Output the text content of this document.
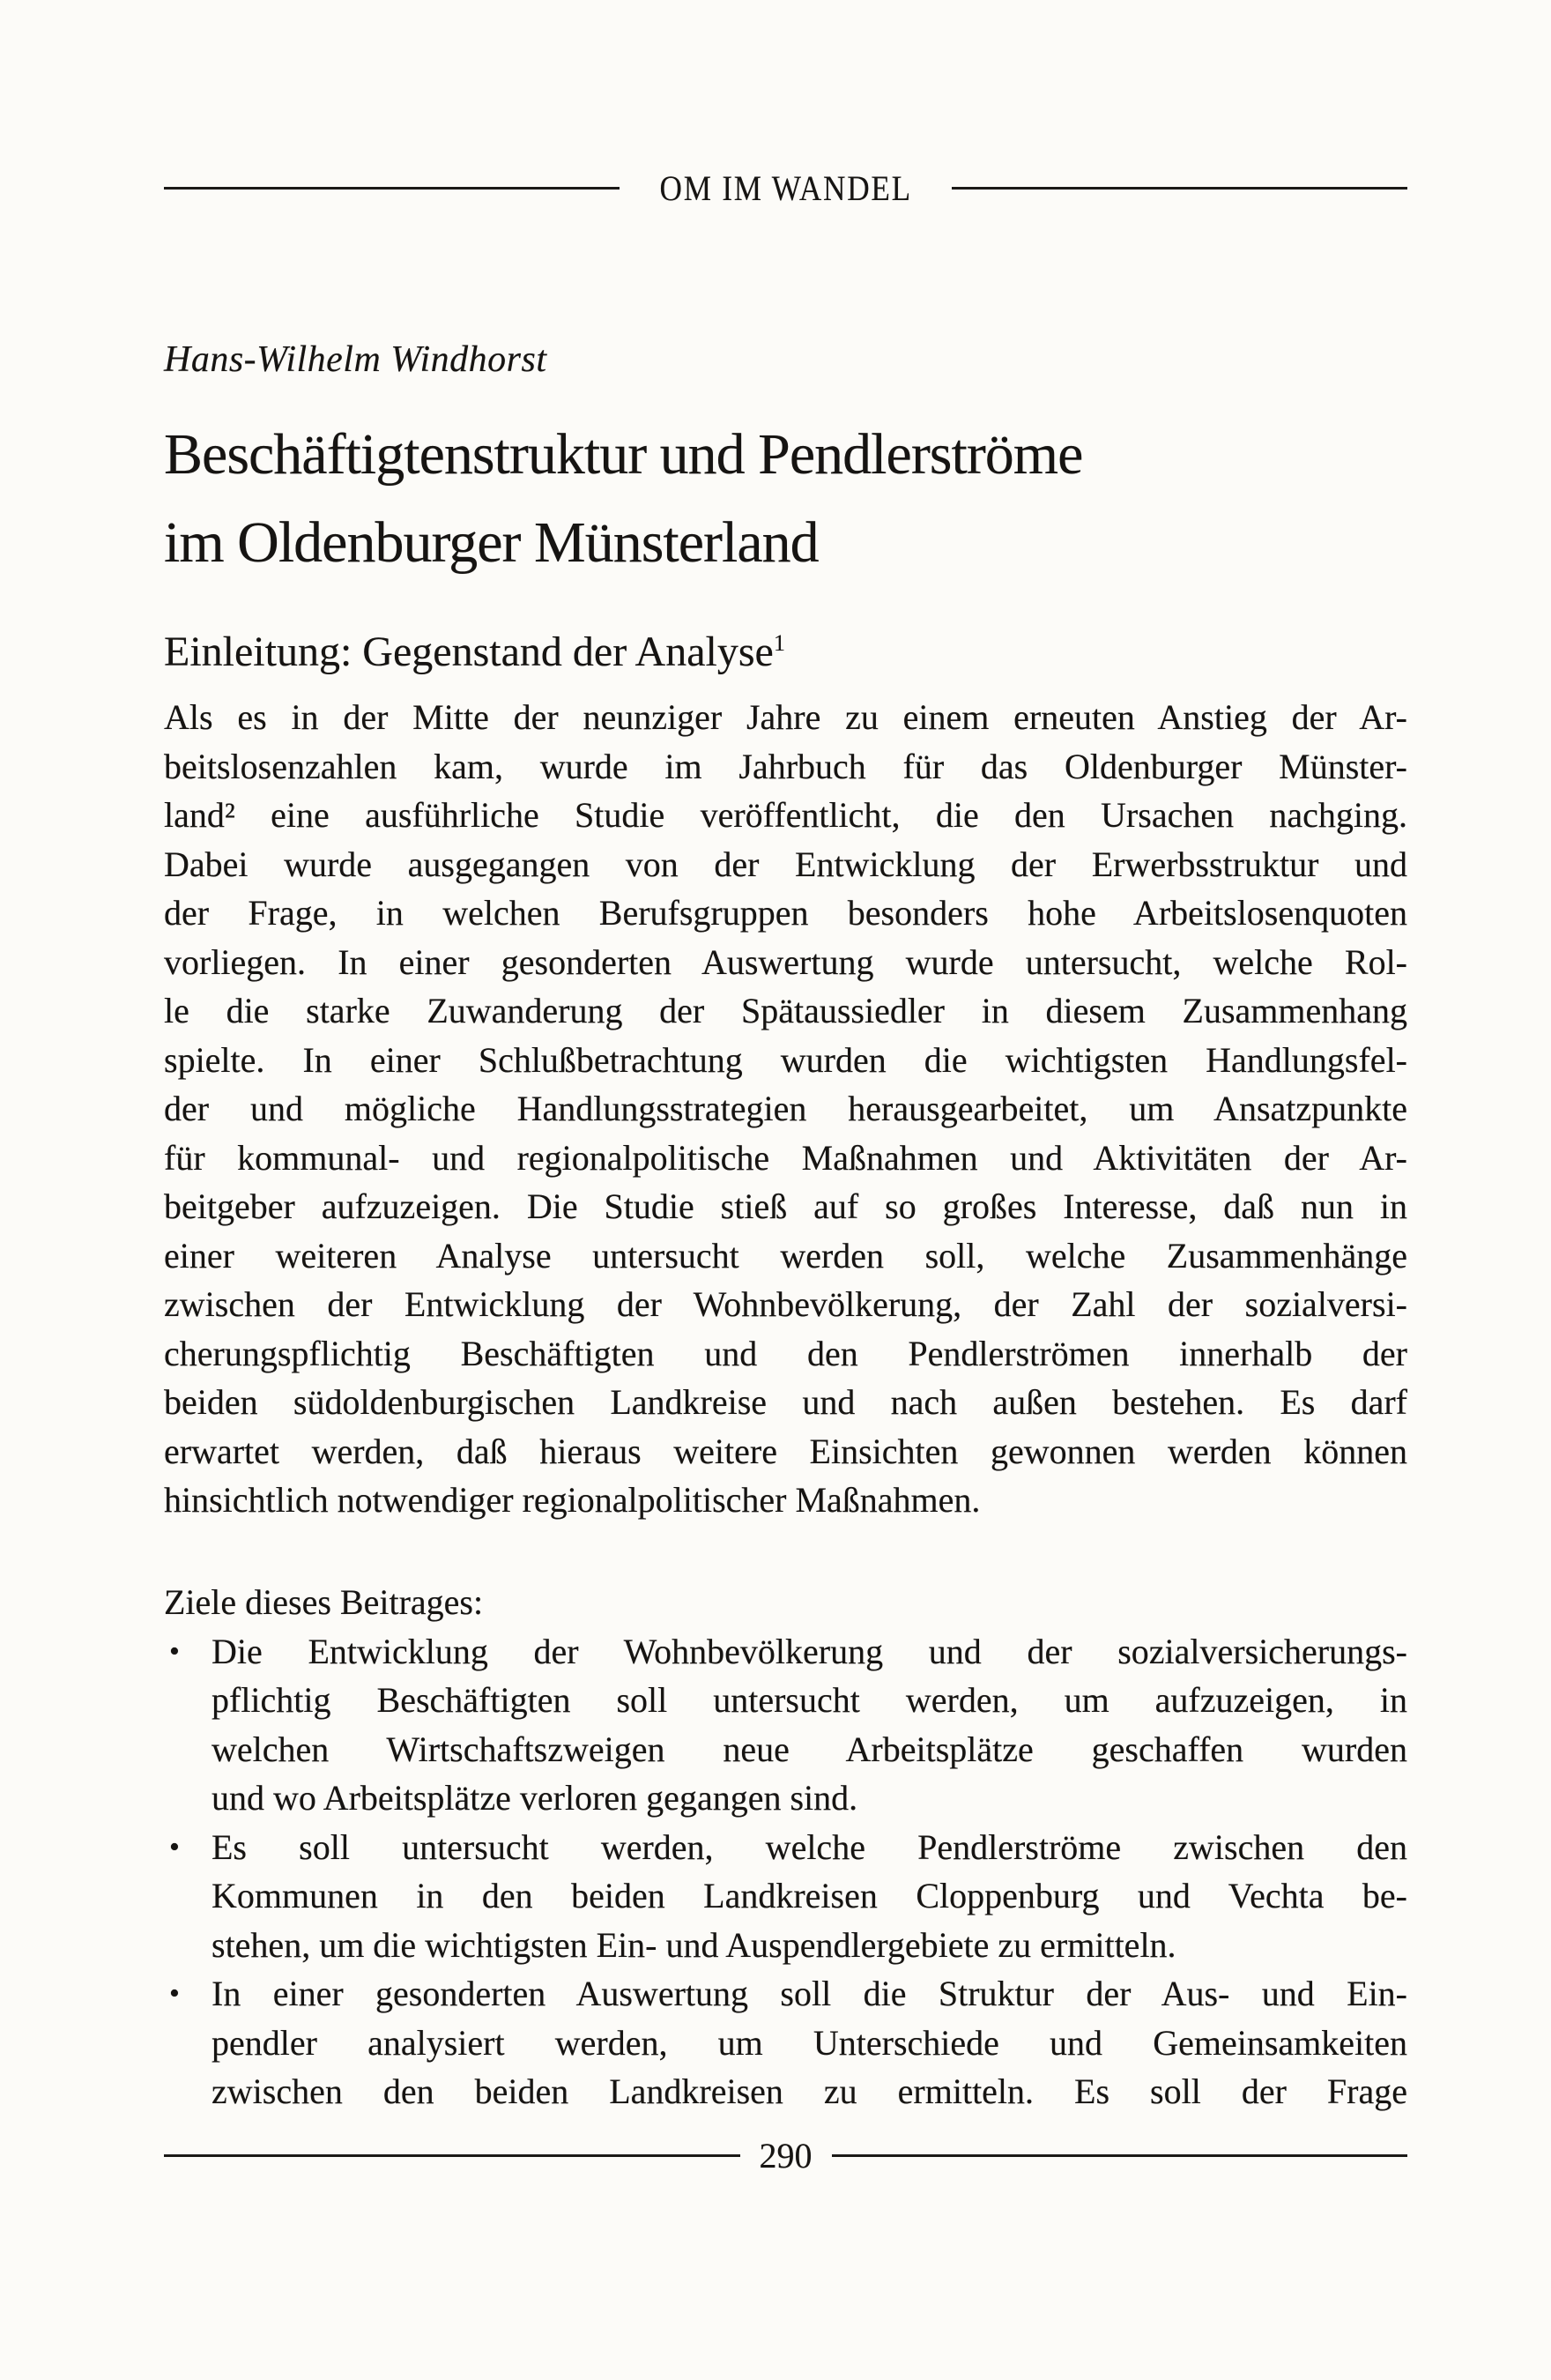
OM IM WANDEL
Hans-Wilhelm Windhorst
Beschäftigtenstruktur und Pendlerströme
im Oldenburger Münsterland
Einleitung: Gegenstand der Analyse$^1$
Als es in der Mitte der neunziger Jahre zu einem erneuten Anstieg der Ar-
beitslosenzahlen kam, wurde im Jahrbuch für das Oldenburger Münster-
land² eine ausführliche Studie veröffentlicht, die den Ursachen nachging.
Dabei wurde ausgegangen von der Entwicklung der Erwerbsstruktur und
der Frage, in welchen Berufsgruppen besonders hohe Arbeitslosenquoten
vorliegen. In einer gesonderten Auswertung wurde untersucht, welche Rol-
le die starke Zuwanderung der Spätaussiedler in diesem Zusammenhang
spielte. In einer Schlußbetrachtung wurden die wichtigsten Handlungsfel-
der und mögliche Handlungsstrategien herausgearbeitet, um Ansatzpunkte
für kommunal- und regionalpolitische Maßnahmen und Aktivitäten der Ar-
beitgeber aufzuzeigen. Die Studie stieß auf so großes Interesse, daß nun in
einer weiteren Analyse untersucht werden soll, welche Zusammenhänge
zwischen der Entwicklung der Wohnbevölkerung, der Zahl der sozialversi-
cherungspflichtig Beschäftigten und den Pendlerströmen innerhalb der
beiden südoldenburgischen Landkreise und nach außen bestehen. Es darf
erwartet werden, daß hieraus weitere Einsichten gewonnen werden können
hinsichtlich notwendiger regionalpolitischer Maßnahmen.
Ziele dieses Beitrages:
• Die Entwicklung der Wohnbevölkerung und der sozialversicherungs-
pflichtig Beschäftigten soll untersucht werden, um aufzuzeigen, in
welchen Wirtschaftszweigen neue Arbeitsplätze geschaffen wurden
und wo Arbeitsplätze verloren gegangen sind.
• Es soll untersucht werden, welche Pendlerströme zwischen den
Kommunen in den beiden Landkreisen Cloppenburg und Vechta be-
stehen, um die wichtigsten Ein- und Auspendlergebiete zu ermitteln.
• In einer gesonderten Auswertung soll die Struktur der Aus- und Ein-
pendler analysiert werden, um Unterschiede und Gemeinsamkeiten
zwischen den beiden Landkreisen zu ermitteln. Es soll der Frage
290
